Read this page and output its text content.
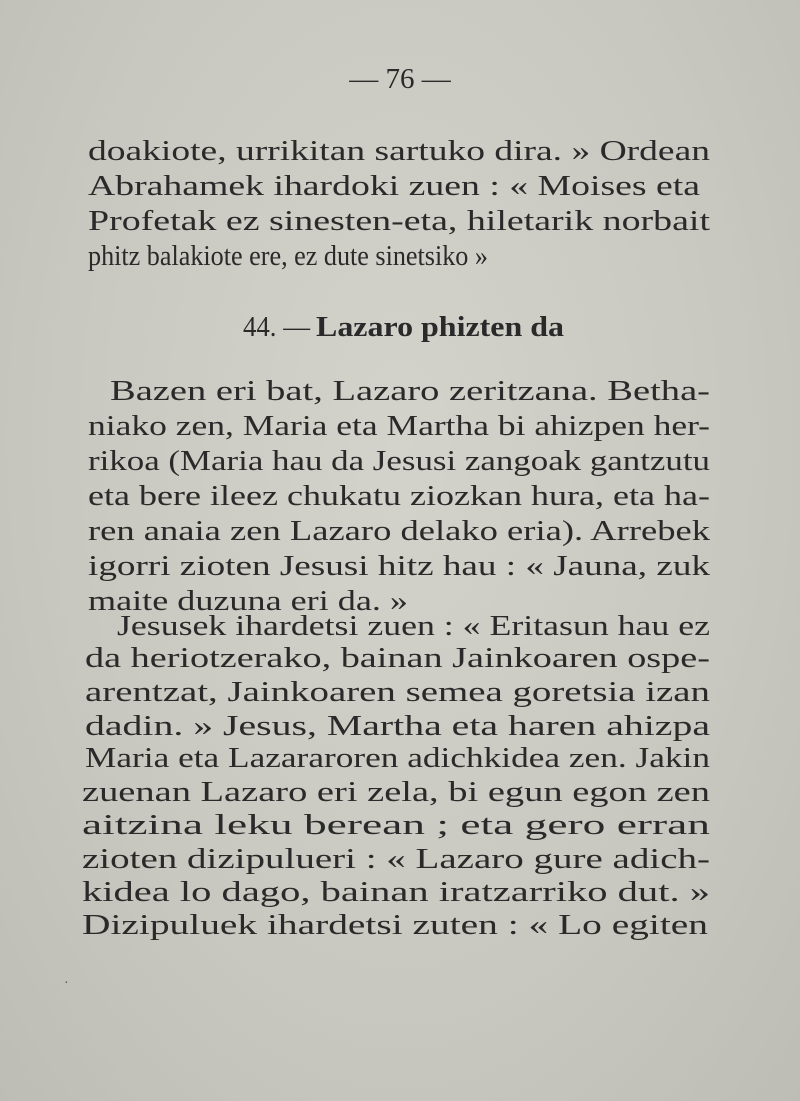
— 76 —
doakiote, urrikitan sartuko dira. » Ordean
Abrahamek ihardoki zuen : « Moises eta
Profetak ez sinesten-eta, hiletarik norbait
phitz balakiote ere, ez dute sinetsiko »
44. — Lazaro phizten da
Bazen eri bat, Lazaro zeritzana. Betha-
niako zen, Maria eta Martha bi ahizpen her-
rikoa (Maria hau da Jesusi zangoak gantzutu
eta bere ileez chukatu ziozkan hura, eta ha-
ren anaia zen Lazaro delako eria). Arrebek
igorri zioten Jesusi hitz hau : « Jauna, zuk
maite duzuna eri da. »
Jesusek ihardetsi zuen : « Eritasun hau ez
da heriotzerako, bainan Jainkoaren ospe-
arentzat, Jainkoaren semea goretsia izan
dadin. » Jesus, Martha eta haren ahizpa
Maria eta Lazararoren adichkidea zen. Jakin
zuenan Lazaro eri zela, bi egun egon zen
aitzina leku berean ; eta gero erran
zioten dizipulueri : « Lazaro gure adich-
kidea lo dago, bainan iratzarriko dut. »
Dizipuluek ihardetsi zuten : « Lo egiten
·
